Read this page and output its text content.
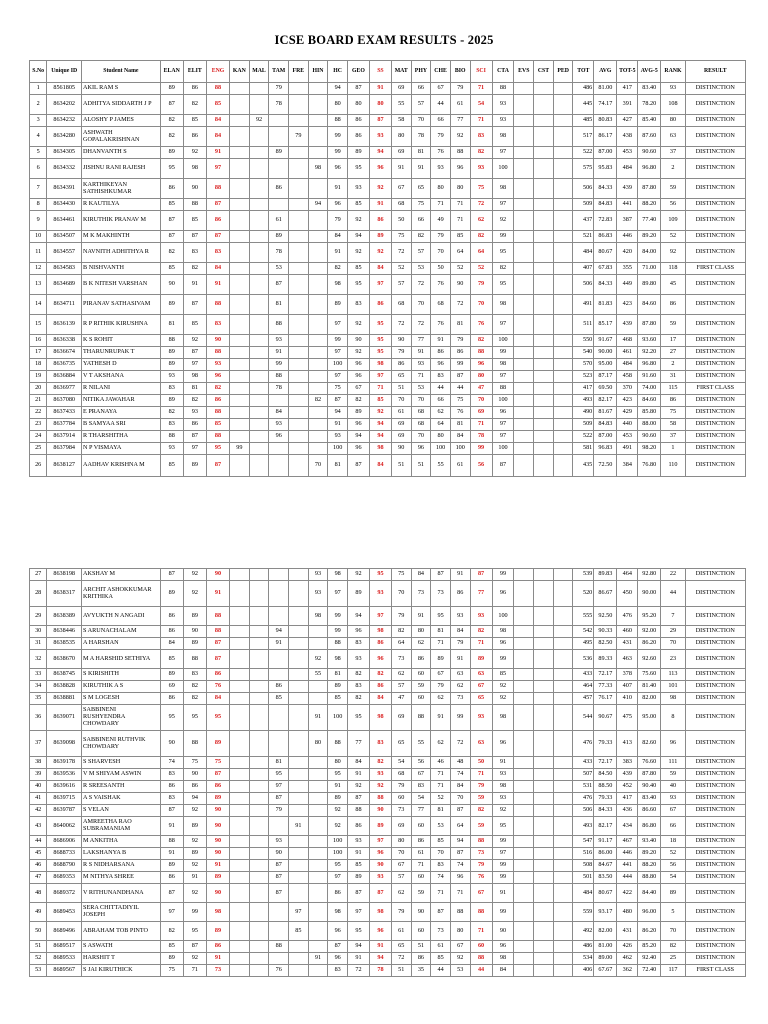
ICSE BOARD EXAM RESULTS - 2025
S.No	Unique ID	Student Name	ELAN	ELIT	ENG	KAN	MAL	TAM	FRE	HIN	HC	GEO	SS	MAT	PHY	CHE	BIO	SCI	CTA	EVS	CST	PED	TOT	AVG	TOT-5	AVG-5	RANK	RESULT
1	8561805	AKIL RAM S	89	86	88			79			94	87	91	69	66	67	79	71	88				486	81.00	417	83.40	93	DISTINCTION
2	8634202	ADHITYA SIDDARTH J P	87	82	85			78			80	80	80	55	57	44	61	54	93				445	74.17	391	78.20	108	DISTINCTION
3	8634232	ALOSHY P JAMES	82	85	84		92				88	86	87	58	70	66	77	71	93				485	80.83	427	85.40	80	DISTINCTION
4	8634280	ASHWATH GOPALAKRISHNAN	82	86	84				79		99	86	93	80	78	79	92	83	98				517	86.17	438	87.60	63	DISTINCTION
5	8634305	DHANVANTH S	89	92	91			89			99	89	94	69	81	76	88	82	97				522	87.00	453	90.60	37	DISTINCTION
6	8634332	JISHNU RANI RAJESH	95	98	97					98	96	95	96	91	91	93	96	93	100				575	95.83	484	96.80	2	DISTINCTION
7	8634391	KARTHIKEYAN SATHISHKUMAR	86	90	88			86			91	93	92	67	65	80	80	75	98				506	84.33	439	87.80	59	DISTINCTION
8	8634430	R KAUTILYA	85	88	87					94	96	85	91	68	75	71	71	72	97				509	84.83	441	88.20	56	DISTINCTION
9	8634461	KIRUTHIK PRANAV M	87	85	86			61			79	92	86	50	66	49	71	62	92				437	72.83	387	77.40	109	DISTINCTION
10	8634507	M K MAKHINTH	87	87	87			89			84	94	89	75	82	79	85	82	99				521	86.83	446	89.20	52	DISTINCTION
11	8634557	NAVNITH ADHITHYA R	82	83	83			78			91	92	92	72	57	70	64	64	95				484	80.67	420	84.00	92	DISTINCTION
12	8634583	B NISHVANTH	85	82	84			53			82	85	84	52	53	50	52	52	82				407	67.83	355	71.00	118	FIRST CLASS
13	8634689	B K NITESH VARSHAN	90	91	91			87			98	95	97	57	72	76	90	79	95				506	84.33	449	89.80	45	DISTINCTION
14	8634711	PIRANAV SATHASIVAM	89	87	88			81			89	83	86	68	70	68	72	70	98				491	81.83	423	84.60	86	DISTINCTION
15	8636139	R P RITHIK KIRUSHNA	81	85	83			88			97	92	95	72	72	76	81	76	97				511	85.17	439	87.80	59	DISTINCTION
16	8636338	K S ROHIT	88	92	90			93			99	90	95	90	77	91	79	82	100				550	91.67	468	93.60	17	DISTINCTION
17	8636674	THARUNRUPAK T	89	87	88			91			97	92	95	79	91	86	86	88	99				540	90.00	461	92.20	27	DISTINCTION
18	8636735	YATHESH D	89	97	93			99			100	96	98	86	93	96	99	96	98				570	95.00	484	96.80	2	DISTINCTION
19	8636884	V T AKSHANA	93	98	96			88			97	96	97	65	71	83	87	80	97				523	87.17	458	91.60	31	DISTINCTION
20	8636977	R NILANI	83	81	82			78			75	67	71	51	53	44	44	47	88				417	69.50	370	74.00	115	FIRST CLASS
21	8637080	NITIKA JAWAHAR	89	82	86					82	87	82	85	70	70	66	75	70	100				493	82.17	423	84.60	86	DISTINCTION
22	8637433	E PRANAYA	82	93	88			84			94	89	92	61	68	62	76	69	96				490	81.67	429	85.80	75	DISTINCTION
23	8637784	B SAMYAA SRI	83	86	85			93			91	96	94	69	68	64	81	71	97				509	84.83	440	88.00	58	DISTINCTION
24	8637914	R THARSHITHA	88	87	88			96			93	94	94	69	70	80	84	78	97				522	87.00	453	90.60	37	DISTINCTION
25	8637984	N P VISMAYA	93	97	95	99					100	96	98	90	96	100	100	99	100				581	96.83	491	98.20	1	DISTINCTION
26	8638127	AADHAV KRISHNA M	85	89	87					70	81	87	84	51	51	55	61	56	87				435	72.50	384	76.80	110	DISTINCTION
27	8638198	AKSHAY M	87	92	90					93	98	92	95	75	84	87	91	87	99				539	89.83	464	92.80	22	DISTINCTION
28	8638317	ARCHIT ASHOKKUMAR KRITHIKA	89	92	91					93	97	89	93	70	73	73	86	77	96				520	86.67	450	90.00	44	DISTINCTION
29	8638389	AVYUKTH N ANGADI	86	89	88					98	99	94	97	79	91	95	93	93	100				555	92.50	476	95.20	7	DISTINCTION
30	8638446	S ARUNACHALAM	86	90	88			94			99	96	98	82	80	81	84	82	98				542	90.33	460	92.00	29	DISTINCTION
31	8638535	A HARSHAN	84	89	87			91			88	83	86	64	62	71	79	71	96				495	82.50	431	86.20	70	DISTINCTION
32	8638670	M A HARSHID SETHIYA	85	88	87					92	98	93	96	73	86	89	91	89	99				536	89.33	463	92.60	23	DISTINCTION
33	8638745	S KIRISHITH	89	83	86					55	81	82	82	62	60	67	63	63	85				433	72.17	378	75.60	113	DISTINCTION
34	8638828	KIRUTHIK A S	69	82	76			86			89	83	86	57	59	79	62	67	92				464	77.33	407	81.40	101	DISTINCTION
35	8638881	S M LOGESH	86	82	84			85			85	82	84	47	60	62	73	65	92				457	76.17	410	82.00	98	DISTINCTION
36	8639071	SABBINENI RUSHYENDRA CHOWDARY	95	95	95					91	100	95	98	69	88	91	99	93	98				544	90.67	475	95.00	8	DISTINCTION
37	8639098	SABBINENI RUTHVIK CHOWDARY	90	88	89					80	88	77	83	65	55	62	72	63	96				476	79.33	413	82.60	96	DISTINCTION
38	8639178	S SHARVESH	74	75	75			81			80	84	82	54	56	46	48	50	91				433	72.17	383	76.60	111	DISTINCTION
39	8639536	V M SHIYAM ASWIN	83	90	87			95			95	91	93	68	67	71	74	71	93				507	84.50	439	87.80	59	DISTINCTION
40	8639616	R SREESANTH	86	86	86			97			91	92	92	79	83	71	84	79	98				531	88.50	452	90.40	40	DISTINCTION
41	8639715	A S VAISHAK	83	94	89			87			89	87	88	60	54	52	70	59	93				476	79.33	417	83.40	93	DISTINCTION
42	8639787	S VELAN	87	92	90			79			92	88	90	73	77	81	87	82	92				506	84.33	436	86.60	67	DISTINCTION
43	8640062	AMREETHA RAO SUBRAMANIAM	91	89	90				91		92	86	89	69	60	53	64	59	95				493	82.17	434	86.80	66	DISTINCTION
44	8686906	M ANKITHA	88	92	90			93			100	93	97	80	86	85	94	88	99				547	91.17	467	93.40	18	DISTINCTION
45	8688733	LAKSHANYA B	91	89	90			90			100	91	96	70	61	70	87	73	97				516	86.00	446	89.20	52	DISTINCTION
46	8688790	R S NIDHARSANA	89	92	91			87			95	85	90	67	71	83	74	79	99				508	84.67	441	88.20	56	DISTINCTION
47	8689353	M NITHYA SHREE	86	91	89			87			97	89	93	57	60	74	96	76	99				501	83.50	444	88.80	54	DISTINCTION
48	8689372	V RITHUNANDHANA	87	92	90			87			86	87	87	62	59	71	71	67	91				484	80.67	422	84.40	89	DISTINCTION
49	8689453	SERA CHITTADIYIL JOSEPH	97	99	98				97		98	97	98	79	90	87	88	88	99				559	93.17	480	96.00	5	DISTINCTION
50	8689496	ABRAHAM TOB PINTO	82	95	89				85		96	95	96	61	60	73	80	71	90				492	82.00	431	86.20	70	DISTINCTION
51	8689517	S ASWATH	85	87	86			88			87	94	91	65	51	61	67	60	96				486	81.00	426	85.20	82	DISTINCTION
52	8689533	HARSHIT T	89	92	91					91	96	91	94	72	86	85	92	88	98				534	89.00	462	92.40	25	DISTINCTION
53	8689567	S JAI KIRUTHICK	75	71	73			76			83	72	78	51	35	44	53	44	84				406	67.67	362	72.40	117	FIRST CLASS
